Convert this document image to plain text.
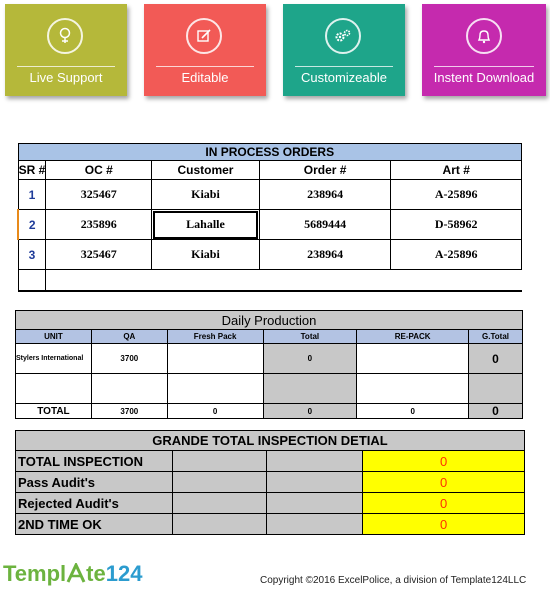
Live Support	Editable	Customizeable	Instent Download
IN PROCESS ORDERS				
SR #	OC #	Customer	Order #	Art #
1	325467	Kiabi	238964	A-25896
2	235896	Lahalle	5689444	D-58962
3	325467	Kiabi	238964	A-25896

Daily Production					
UNIT	QA	Fresh Pack	Total	RE-PACK	G.Total
Stylers International	3700		0		0

TOTAL	3700	0	0	0	0
GRANDE TOTAL INSPECTION DETIAL			
TOTAL INSPECTION			0
Pass Audit's			0
Rejected Audit's			0
2ND TIME OK			0
Templ te124	Copyright ©2016 ExcelPolice, a division of Template124LLC
